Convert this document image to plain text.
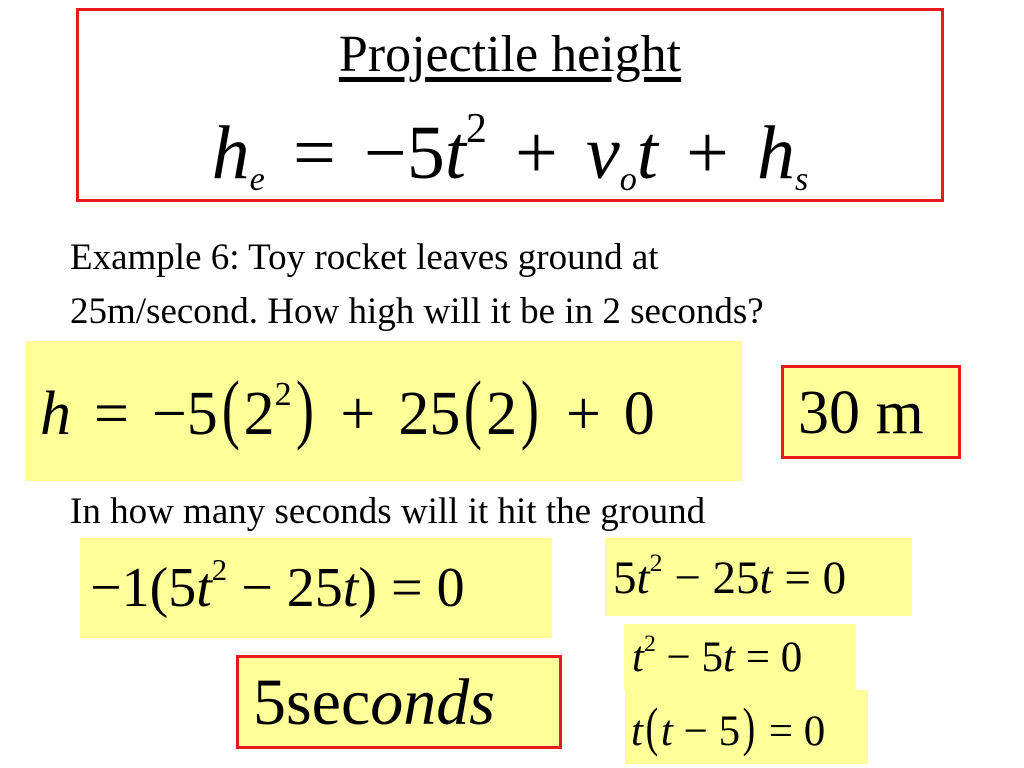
Projectile height
he = $-5t^2$ + vot + hs
Example 6: Toy rocket leaves ground at
25m/second. How high will it be in 2 seconds?
$h = -5(2^2) + 25(2) + 0$ 30 m
In how many seconds will it hit the ground
$-1(5t^2 - 25t) = 0$
5seconds
$5t^2 - 25t = 0$
$t^2 - 5t = 0$
t(t − 5) = 0
